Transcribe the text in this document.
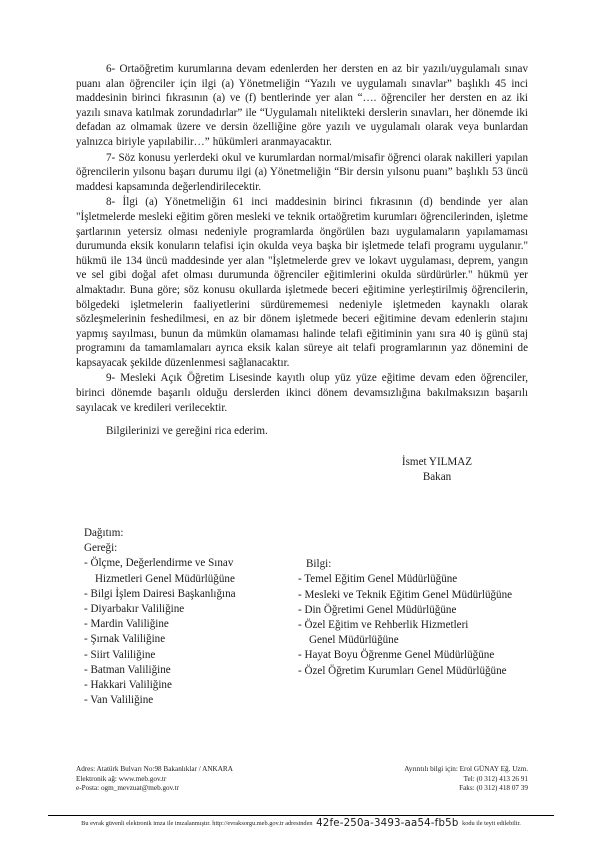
6- Ortaöğretim kurumlarına devam edenlerden her dersten en az bir yazılı/uygulamalı sınav puanı alan öğrenciler için ilgi (a) Yönetmeliğin “Yazılı ve uygulamalı sınavlar” başlıklı 45 inci maddesinin birinci fıkrasının (a) ve (f) bentlerinde yer alan “…. öğrenciler her dersten en az iki yazılı sınava katılmak zorundadırlar” ile “Uygulamalı nitelikteki derslerin sınavları, her dönemde iki defadan az olmamak üzere ve dersin özelliğine göre yazılı ve uygulamalı olarak veya bunlardan yalnızca biriyle yapılabilir…” hükümleri aranmayacaktır.

7- Söz konusu yerlerdeki okul ve kurumlardan normal/misafir öğrenci olarak nakilleri yapılan öğrencilerin yılsonu başarı durumu ilgi (a) Yönetmeliğin “Bir dersin yılsonu puanı” başlıklı 53 üncü maddesi kapsamında değerlendirilecektir.

8- İlgi (a) Yönetmeliğin 61 inci maddesinin birinci fıkrasının (d) bendinde yer alan "İşletmelerde mesleki eğitim gören mesleki ve teknik ortaöğretim kurumları öğrencilerinden, işletme şartlarının yetersiz olması nedeniyle programlarda öngörülen bazı uygulamaların yapılamaması durumunda eksik konuların telafisi için okulda veya başka bir işletmede telafi programı uygulanır." hükmü ile 134 üncü maddesinde yer alan "İşletmelerde grev ve lokavt uygulaması, deprem, yangın ve sel gibi doğal afet olması durumunda öğrenciler eğitimlerini okulda sürdürürler." hükmü yer almaktadır. Buna göre; söz konusu okullarda işletmede beceri eğitimine yerleştirilmiş öğrencilerin, bölgedeki işletmelerin faaliyetlerini sürdürememesi nedeniyle işletmeden kaynaklı olarak sözleşmelerinin feshedilmesi, en az bir dönem işletmede beceri eğitimine devam edenlerin stajını yapmış sayılması, bunun da mümkün olamaması halinde telafi eğitiminin yanı sıra 40 iş günü staj programını da tamamlamaları ayrıca eksik kalan süreye ait telafi programlarının yaz dönemini de kapsayacak şekilde düzenlenmesi sağlanacaktır.

9- Mesleki Açık Öğretim Lisesinde kayıtlı olup yüz yüze eğitime devam eden öğrenciler, birinci dönemde başarılı olduğu derslerden ikinci dönem devamsızlığına bakılmaksızın başarılı sayılacak ve kredileri verilecektir.

Bilgilerinizi ve gereğini rica ederim.

İsmet YILMAZ
Bakan
Dağıtım:
Gereği:
- Ölçme, Değerlendirme ve Sınav
Hizmetleri Genel Müdürlüğüne
- Bilgi İşlem Dairesi Başkanlığına
- Diyarbakır Valiliğine
- Mardin Valiliğine
- Şırnak Valiliğine
- Siirt Valiliğine
- Batman Valiliğine
- Hakkari Valiliğine
- Van Valiliğine
Bilgi:
- Temel Eğitim Genel Müdürlüğüne
- Mesleki ve Teknik Eğitim Genel Müdürlüğüne
- Din Öğretimi Genel Müdürlüğüne
- Özel Eğitim ve Rehberlik Hizmetleri
Genel Müdürlüğüne
- Hayat Boyu Öğrenme Genel Müdürlüğüne
- Özel Öğretim Kurumları Genel Müdürlüğüne
Adres: Atatürk Bulvarı No:98 Bakanlıklar / ANKARA
Elektronik ağ: www.meb.gov.tr
e-Posta: ogm_mevzuat@meb.gov.tr
Ayrıntılı bilgi için: Erol GÜNAY Eğ. Uzm.
Tel: (0 312) 413 26 91
Faks: (0 312) 418 07 39
Bu evrak güvenli elektronik imza ile imzalanmıştır. http://evraksorgu.meb.gov.tr adresinden 42fe-250a-3493-aa54-fb5b kodu ile teyit edilebilir.
